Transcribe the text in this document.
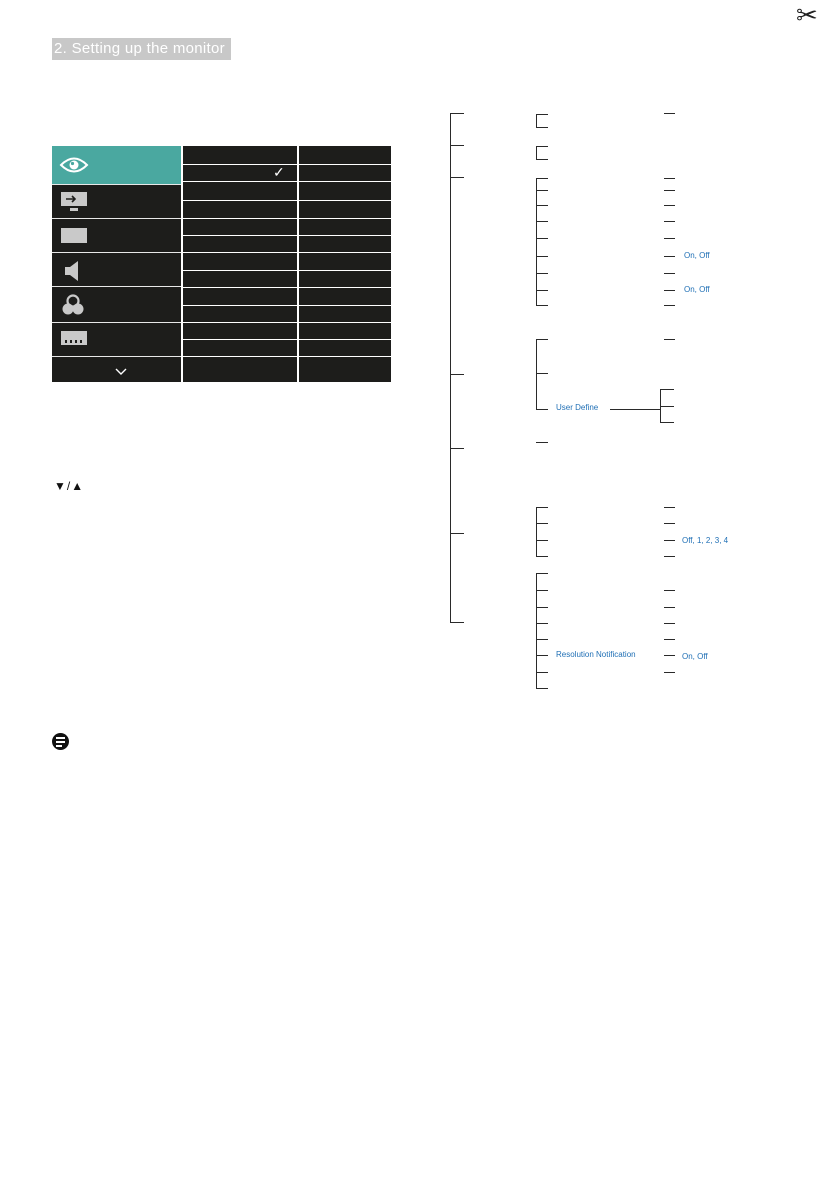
✂
2. Setting up the monitor
✓
▼/▲
On, Off
On, Off
User Define
Off, 1, 2, 3, 4
Resolution Notification	On, Off
